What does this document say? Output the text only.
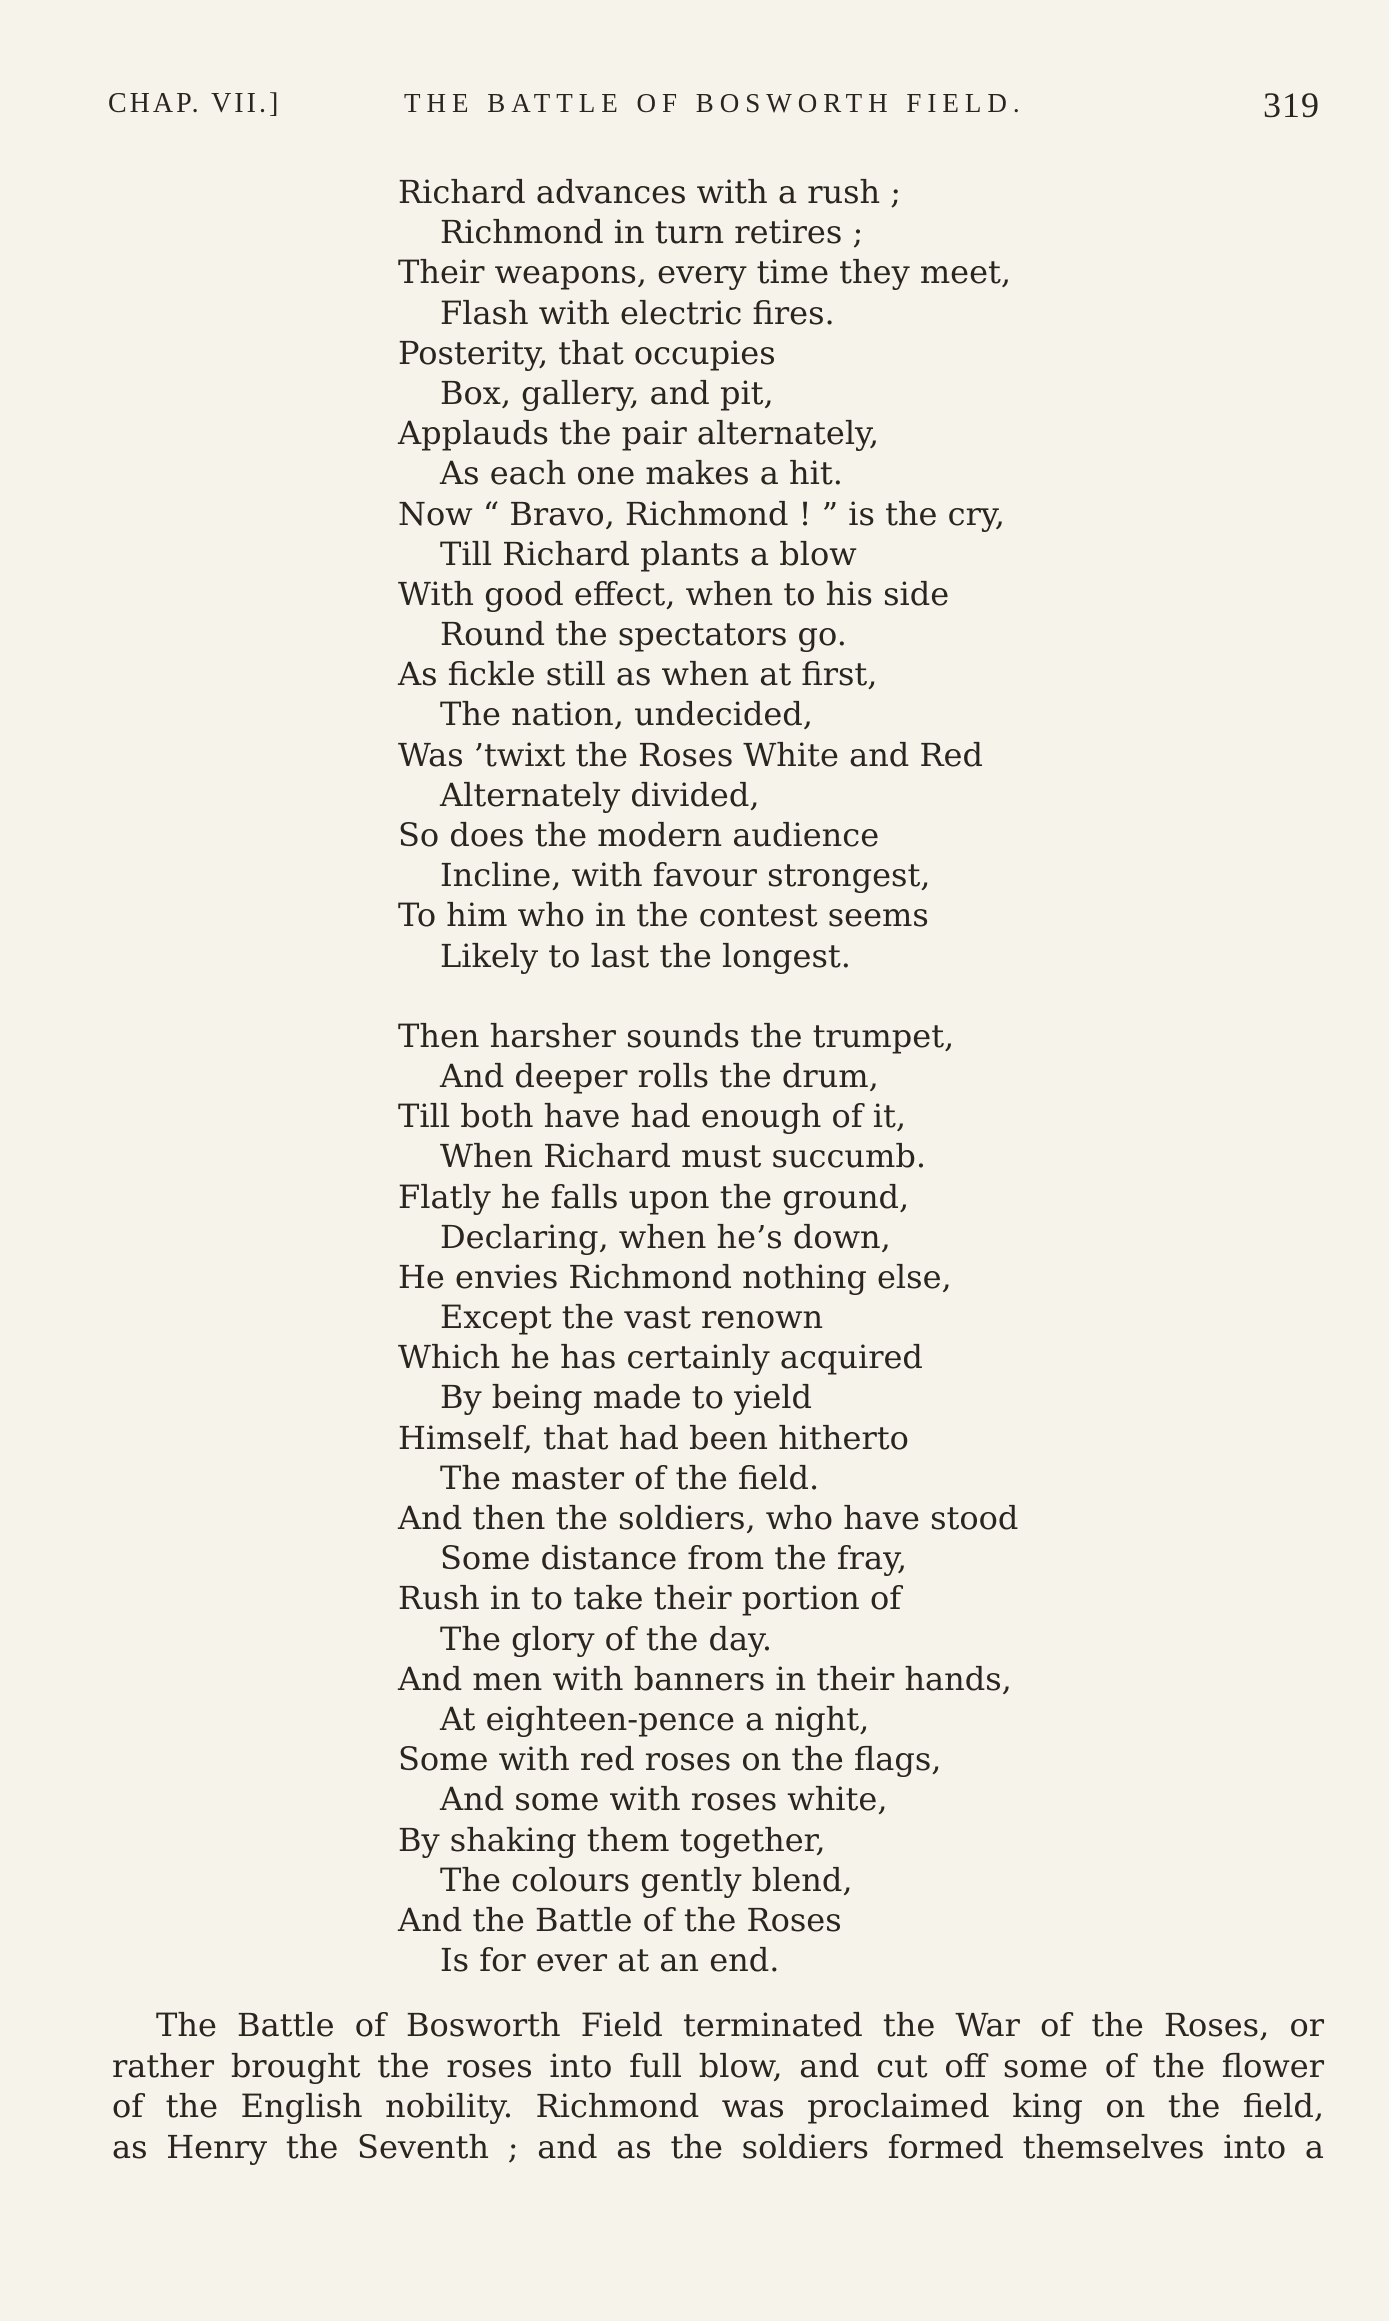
CHAP. VII.]	THE BATTLE OF BOSWORTH FIELD.	319
Richard advances with a rush ;
Richmond in turn retires ;
Their weapons, every time they meet,
Flash with electric fires.
Posterity, that occupies
Box, gallery, and pit,
Applauds the pair alternately,
As each one makes a hit.
Now “ Bravo, Richmond ! ” is the cry,
Till Richard plants a blow
With good effect, when to his side
Round the spectators go.
As fickle still as when at first,
The nation, undecided,
Was ’twixt the Roses White and Red
Alternately divided,
So does the modern audience
Incline, with favour strongest,
To him who in the contest seems
Likely to last the longest.
Then harsher sounds the trumpet,
And deeper rolls the drum,
Till both have had enough of it,
When Richard must succumb.
Flatly he falls upon the ground,
Declaring, when he’s down,
He envies Richmond nothing else,
Except the vast renown
Which he has certainly acquired
By being made to yield
Himself, that had been hitherto
The master of the field.
And then the soldiers, who have stood
Some distance from the fray,
Rush in to take their portion of
The glory of the day.
And men with banners in their hands,
At eighteen-pence a night,
Some with red roses on the flags,
And some with roses white,
By shaking them together,
The colours gently blend,
And the Battle of the Roses
Is for ever at an end.
The Battle of Bosworth Field terminated the War of the Roses, or
rather brought the roses into full blow, and cut off some of the flower
of the English nobility. Richmond was proclaimed king on the field,
as Henry the Seventh ; and as the soldiers formed themselves into a
